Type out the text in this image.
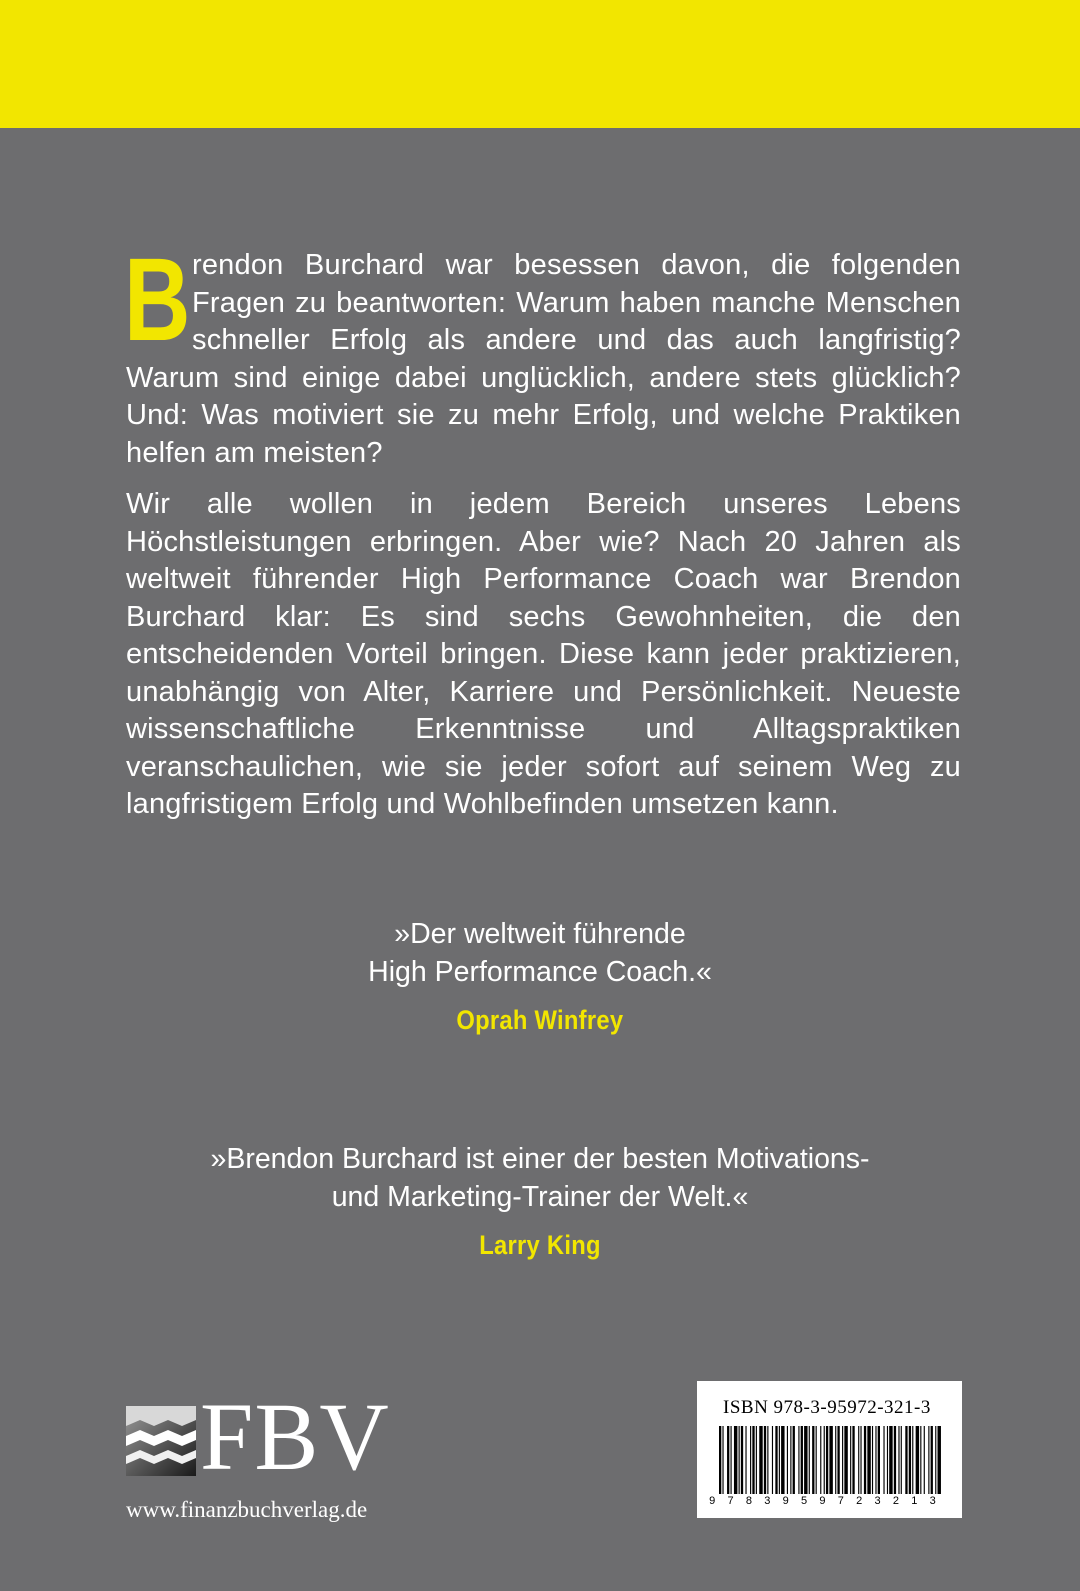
Brendon Burchard war besessen davon, die folgenden Fragen zu beantworten: Warum haben manche Menschen schneller Erfolg als andere und das auch langfristig? Warum sind einige dabei unglücklich, andere stets glücklich? Und: Was motiviert sie zu mehr Erfolg, und welche Praktiken helfen am meisten?

Wir alle wollen in jedem Bereich unseres Lebens Höchstleistungen erbringen. Aber wie? Nach 20 Jahren als weltweit führender High Performance Coach war Brendon Burchard klar: Es sind sechs Gewohnheiten, die den entscheidenden Vorteil bringen. Diese kann jeder praktizieren, unabhängig von Alter, Karriere und Persönlichkeit. Neueste wissenschaftliche Erkenntnisse und Alltagspraktiken veranschaulichen, wie sie jeder sofort auf seinem Weg zu langfristigem Erfolg und Wohlbefinden umsetzen kann.

»Der weltweit führende
High Performance Coach.«
Oprah Winfrey
»Brendon Burchard ist einer der besten Motivations-
und Marketing-Trainer der Welt.«
Larry King
FBV
www.finanzbuchverlag.de
ISBN 978-3-95972-321-3
9 7 8 3 9 5 9 7 2 3 2 1 3
